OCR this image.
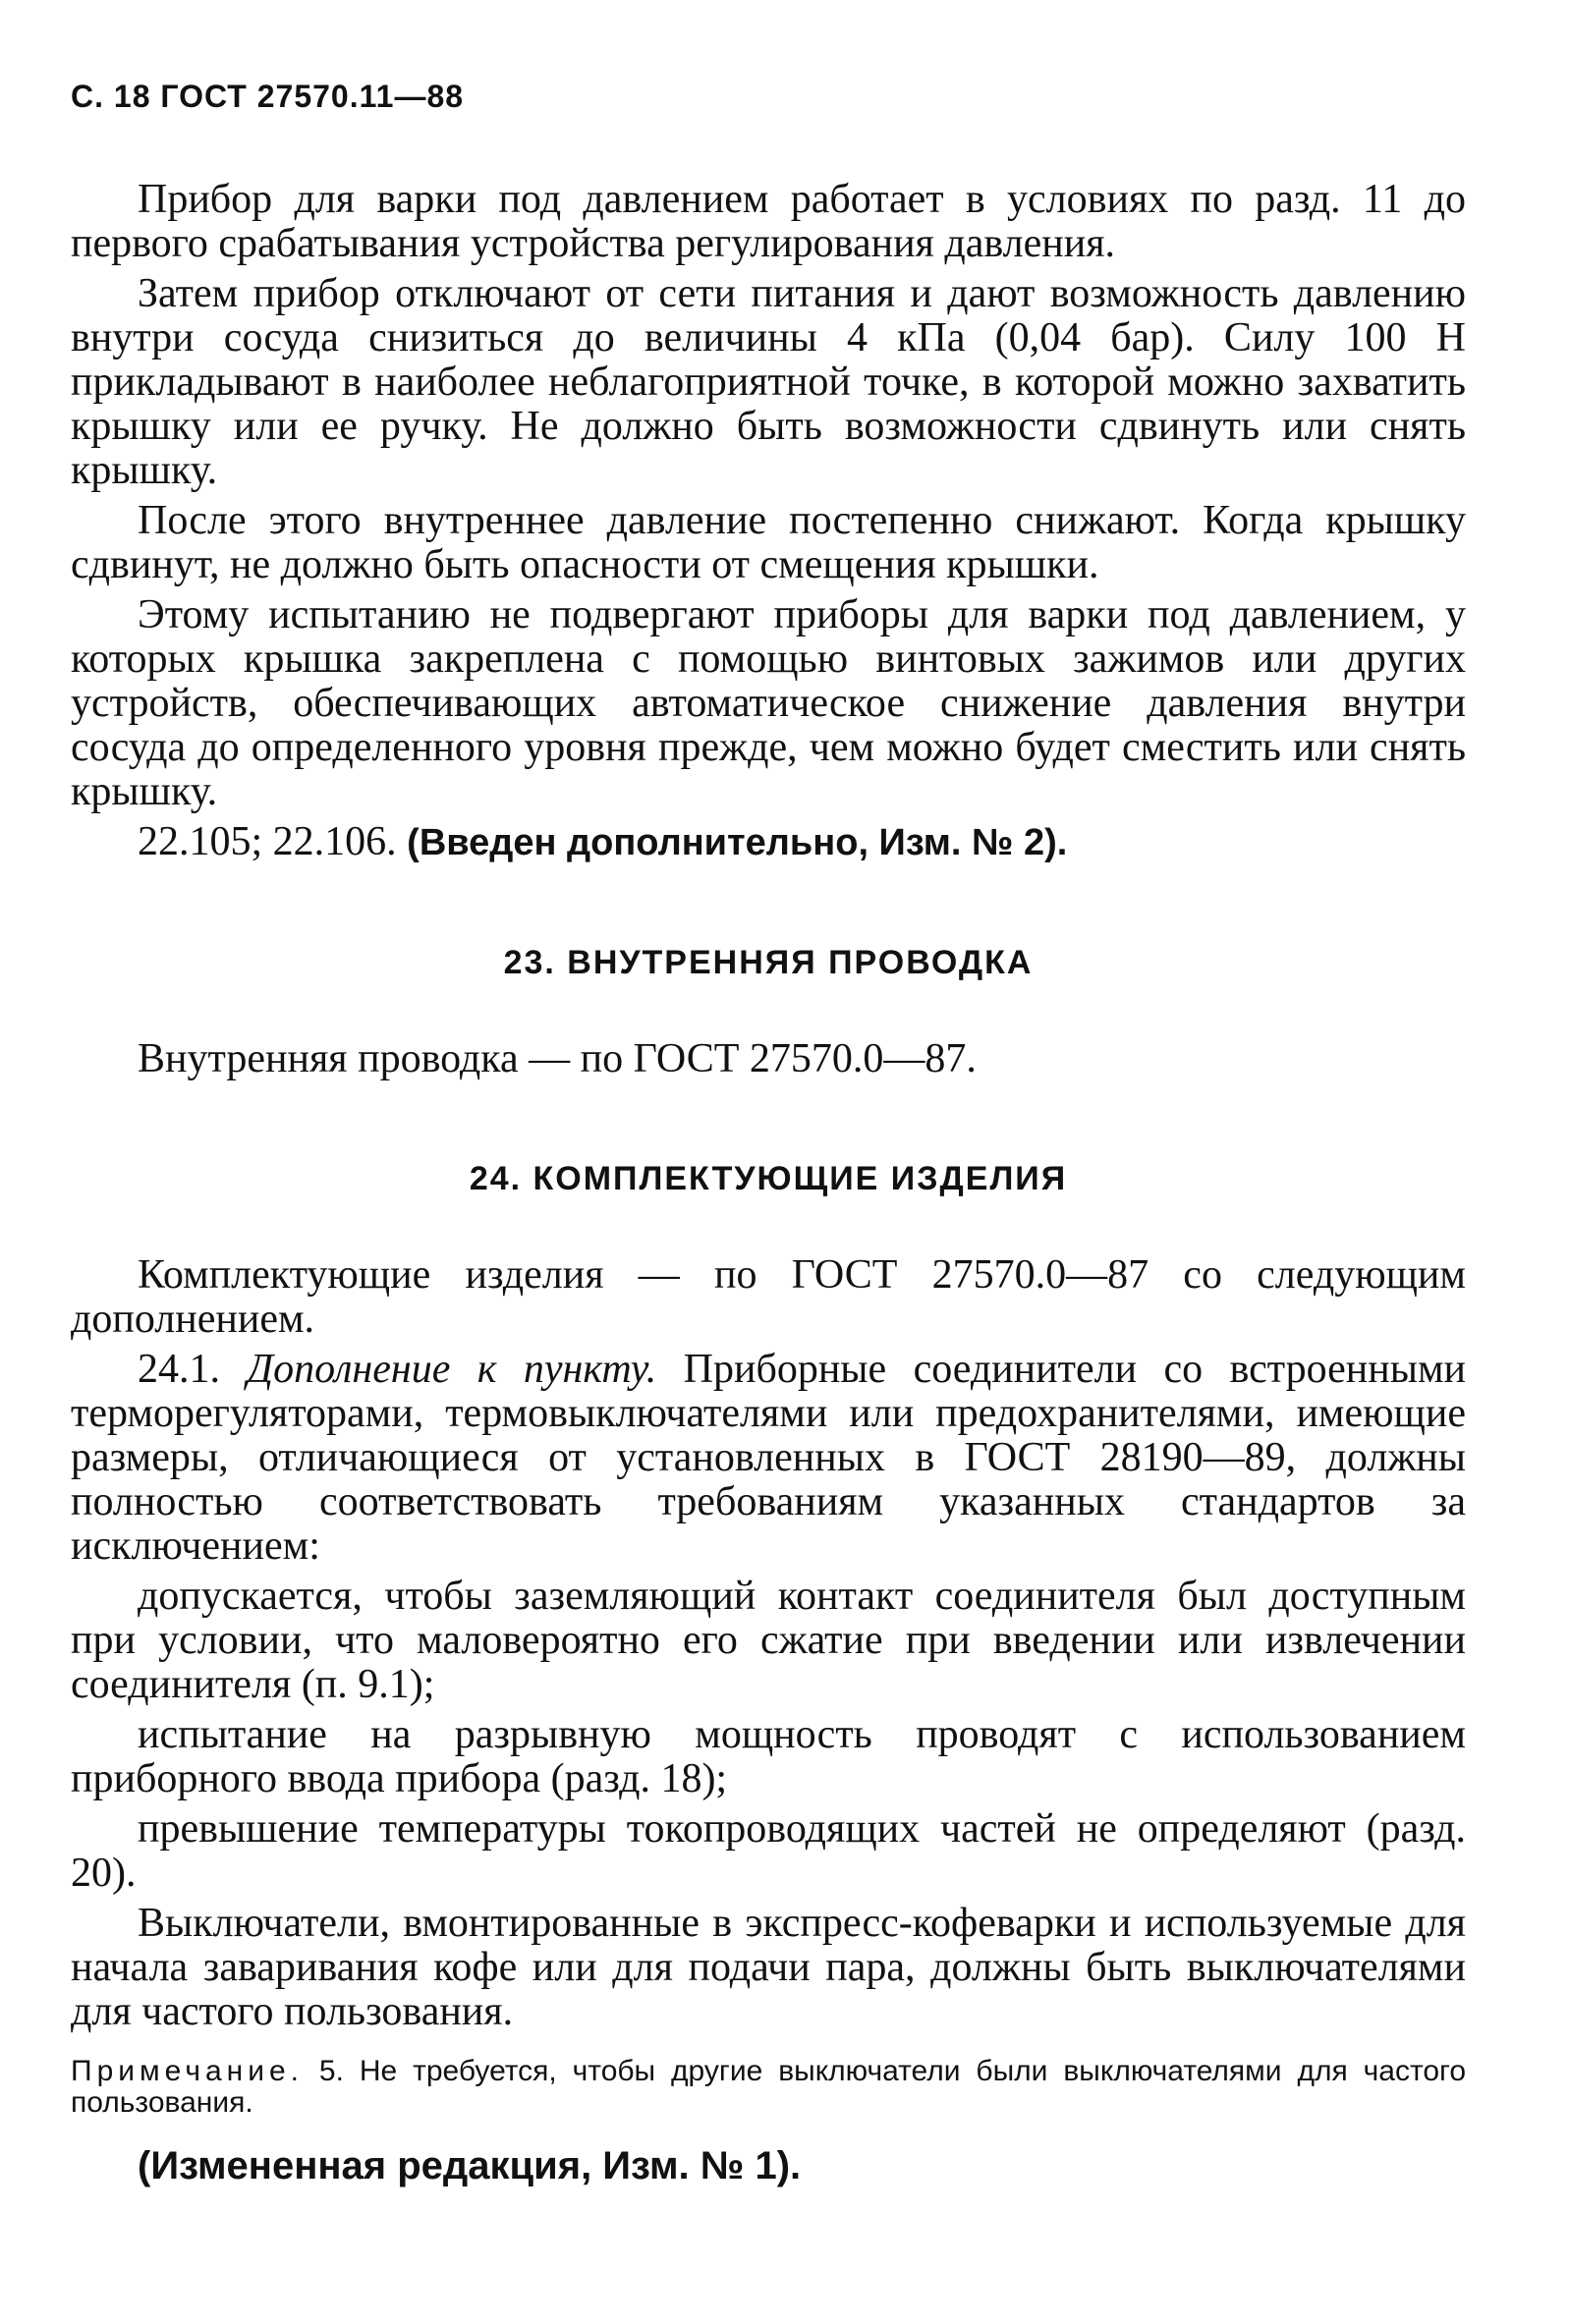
С. 18 ГОСТ 27570.11—88

Прибор для варки под давлением работает в условиях по разд. 11 до первого срабатывания устройства регулирования давления.

Затем прибор отключают от сети питания и дают возможность давлению внутри сосуда снизиться до величины 4 кПа (0,04 бар). Силу 100 Н прикладывают в наиболее неблагоприятной точке, в которой можно захватить крышку или ее ручку. Не должно быть возможности сдвинуть или снять крышку.

После этого внутреннее давление постепенно снижают. Когда крышку сдвинут, не должно быть опасности от смещения крышки.

Этому испытанию не подвергают приборы для варки под давлением, у которых крышка закреплена с помощью винтовых зажимов или других устройств, обеспечивающих автоматическое снижение давления внутри сосуда до определенного уровня прежде, чем можно будет сместить или снять крышку.

22.105; 22.106. (Введен дополнительно, Изм. № 2).

23. ВНУТРЕННЯЯ ПРОВОДКА

Внутренняя проводка — по ГОСТ 27570.0—87.

24. КОМПЛЕКТУЮЩИЕ ИЗДЕЛИЯ

Комплектующие изделия — по ГОСТ 27570.0—87 со следующим дополнением.

24.1. Дополнение к пункту. Приборные соединители со встроенными терморегуляторами, термовыключателями или предохранителями, имеющие размеры, отличающиеся от установленных в ГОСТ 28190—89, должны полностью соответствовать требованиям указанных стандартов за исключением:

допускается, чтобы заземляющий контакт соединителя был доступным при условии, что маловероятно его сжатие при введении или извлечении соединителя (п. 9.1);

испытание на разрывную мощность проводят с использованием приборного ввода прибора (разд. 18);

превышение температуры токопроводящих частей не определяют (разд. 20).

Выключатели, вмонтированные в экспресс-кофеварки и используемые для начала заваривания кофе или для подачи пара, должны быть выключателями для частого пользования.

Примечание. 5. Не требуется, чтобы другие выключатели были выключателями для частого пользования.
(Измененная редакция, Изм. № 1).
